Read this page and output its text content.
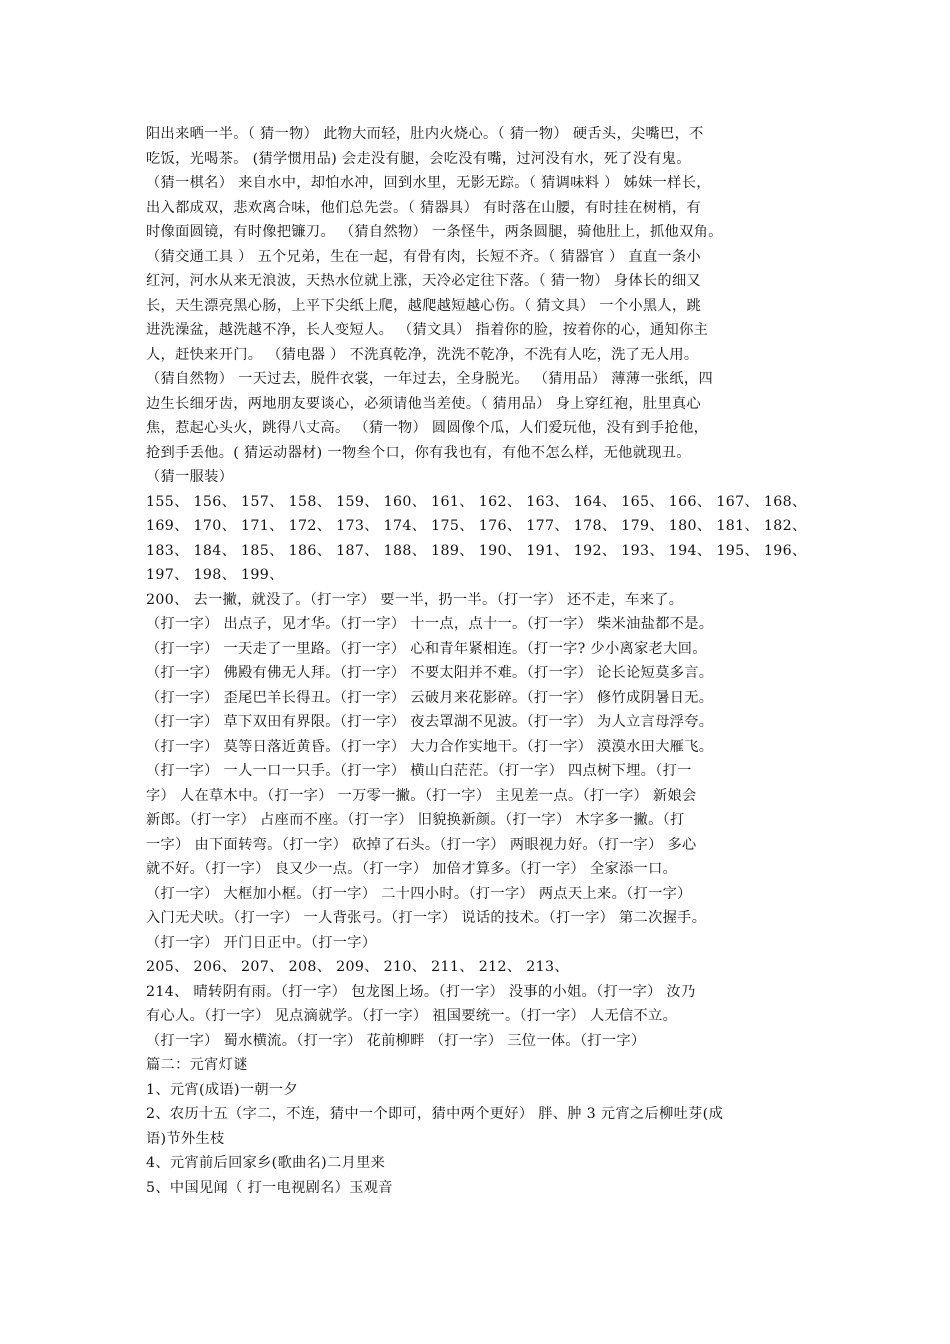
阳出来晒一半。（ 猜一物） 此物大而轻，肚内火烧心。（ 猜一物） 硬舌头，尖嘴巴，不
吃饭，光喝茶。 (猜学惯用品) 会走没有腿，会吃没有嘴，过河没有水，死了没有鬼。
（猜一棋名） 来自水中，却怕水冲，回到水里，无影无踪。（ 猜调味料 ） 姊妹一样长，
出入都成双，悲欢离合味，他们总先尝。（ 猜器具） 有时落在山腰，有时挂在树梢，有
时像面圆镜，有时像把镰刀。 （猜自然物） 一条怪牛，两条圆腿，骑他肚上，抓他双角。
（猜交通工具 ） 五个兄弟，生在一起，有骨有肉，长短不齐。（ 猜器官 ） 直直一条小
红河，河水从来无浪波，天热水位就上涨，天冷必定往下落。（ 猜一物） 身体长的细又
长，天生漂亮黑心肠，上平下尖纸上爬，越爬越短越心伤。（ 猜文具） 一个小黑人，跳
进洗澡盆，越洗越不净，长人变短人。 （猜文具） 指着你的脸，按着你的心，通知你主
人，赶快来开门。 （猜电器 ） 不洗真乾净，洗洗不乾净，不洗有人吃，洗了无人用。
（猜自然物） 一天过去，脱件衣裳，一年过去，全身脱光。 （猜用品） 薄薄一张纸，四
边生长细牙齿，两地朋友要谈心，必须请他当差使。（ 猜用品） 身上穿红袍，肚里真心
焦，惹起心头火，跳得八丈高。 （猜一物） 圆圆像个瓜，人们爱玩他，没有到手抢他，
抢到手丢他。( 猜运动器材) 一物叁个口，你有我也有，有他不怎么样，无他就现丑。
（猜一服装）
155、 156、 157、 158、 159、 160、 161、 162、 163、 164、 165、 166、 167、 168、
169、 170、 171、 172、 173、 174、 175、 176、 177、 178、 179、 180、 181、 182、
183、 184、 185、 186、 187、 188、 189、 190、 191、 192、 193、 194、 195、 196、
197、 198、 199、
200、 去一撇，就没了。（打一字） 要一半，扔一半。（打一字） 还不走，车来了。
（打一字） 出点子，见才华。（打一字） 十一点，点十一。（打一字） 柴米油盐都不是。
（打一字） 一天走了一里路。（打一字） 心和青年紧相连。（打一字? 少小离家老大回。
（打一字） 佛殿有佛无人拜。（打一字） 不要太阳并不难。（打一字） 论长论短莫多言。
（打一字） 歪尾巴羊长得丑。（打一字） 云破月来花影碎。（打一字） 修竹成阴暑日无。
（打一字） 草下双田有界限。（打一字） 夜去罩湖不见波。（打一字） 为人立言母浮夸。
（打一字） 莫等日落近黄昏。（打一字） 大力合作实地干。（打一字） 漠漠水田大雁飞。
（打一字） 一人一口一只手。（打一字） 横山白茫茫。（打一字） 四点树下埋。（打一
字） 人在草木中。（打一字） 一万零一撇。（打一字） 主见差一点。（打一字） 新娘会
新郎。（打一字） 占座而不座。（打一字） 旧貌换新颜。（打一字） 木字多一撇。（打
一字） 由下面转弯。（打一字） 砍掉了石头。（打一字） 两眼视力好。（打一字） 多心
就不好。（打一字） 良又少一点。（打一字） 加倍才算多。（打一字） 全家添一口。
（打一字） 大框加小框。（打一字） 二十四小时。（打一字） 两点天上来。（打一字）
入门无犬吠。（打一字） 一人背张弓。（打一字） 说话的技术。（打一字） 第二次握手。
（打一字） 开门日正中。（打一字）
205、 206、 207、 208、 209、 210、 211、 212、 213、
214、 晴转阴有雨。（打一字） 包龙图上场。（打一字） 没事的小姐。（打一字） 汝乃
有心人。（打一字） 见点滴就学。（打一字） 祖国要统一。（打一字） 人无信不立。
（打一字） 蜀水横流。（打一字） 花前柳畔 （打一字） 三位一体。（打一字）
篇二：元宵灯谜
1、元宵(成语)一朝一夕
2、农历十五（字二，不连，猜中一个即可，猜中两个更好） 胖、肿 3 元宵之后柳吐芽(成
语)节外生枝
4、元宵前后回家乡(歌曲名)二月里来
5、中国见闻（ 打一电视剧名）玉观音
